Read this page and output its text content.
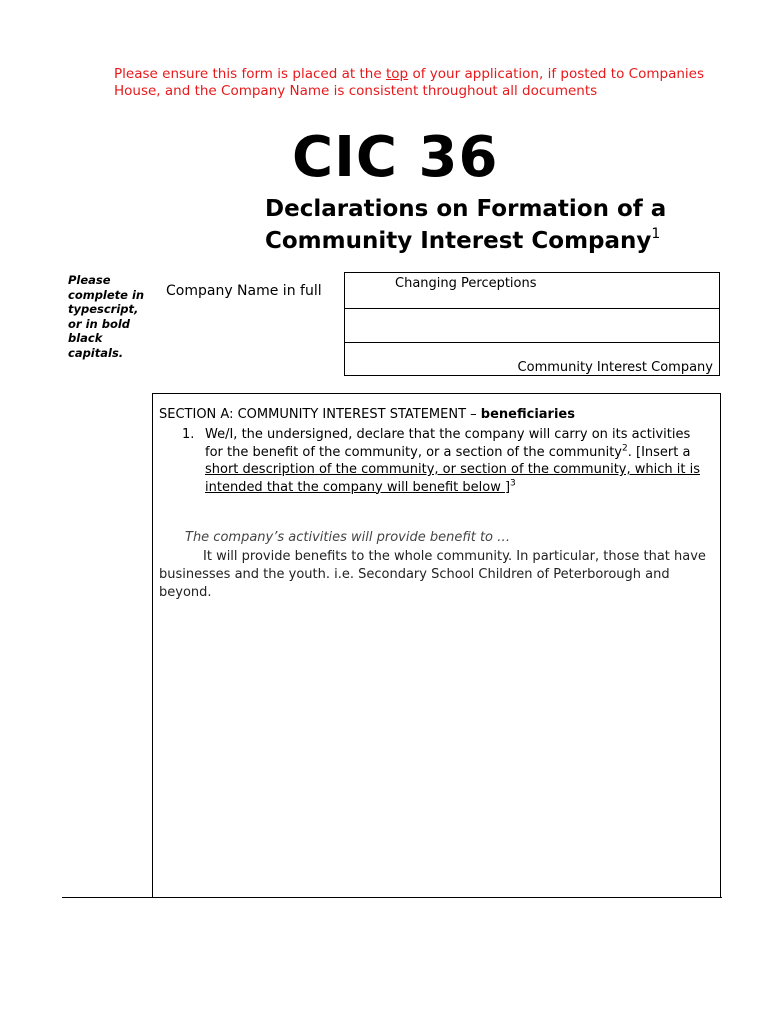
Please ensure this form is placed at the top of your application, if posted to Companies House, and the Company Name is consistent throughout all documents
CIC 36
Declarations on Formation of a
Community Interest Company$^1$
Please complete in typescript, or in bold black capitals.
Company Name in full	Changing Perceptions
Community Interest Company
SECTION A: COMMUNITY INTEREST STATEMENT – beneficiaries
1. We/I, the undersigned, declare that the company will carry on its activities for the benefit of the community, or a section of the community$^2$. [Insert a short description of the community, or section of the community, which it is intended that the company will benefit below ]$^3$
The company’s activities will provide benefit to …
It will provide benefits to the whole community. In particular, those that have businesses and the youth. i.e. Secondary School Children of Peterborough and beyond.
